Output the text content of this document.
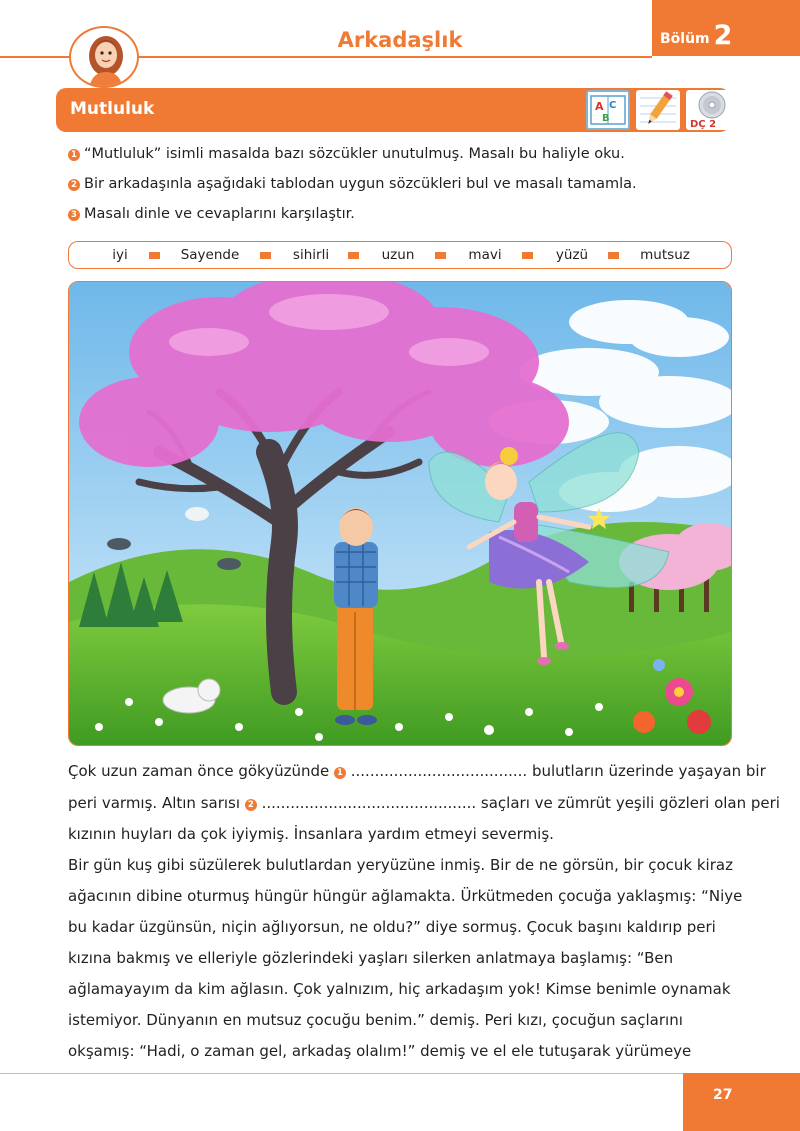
Arkadaşlık	Bölüm 2
Mutluluk	A C
B
DÇ 2
1 “Mutluluk” isimli masalda bazı sözcükler unutulmuş. Masalı bu haliyle oku.
2 Bir arkadaşınla aşağıdaki tablodan uygun sözcükleri bul ve masalı tamamla.
3 Masalı dinle ve cevaplarını karşılaştır.
iyi	Sayende	sihirli	uzun	mavi	yüzü	mutsuz
Çok uzun zaman önce gökyüzünde 1 ..................................... bulutların üzerinde yaşayan bir
peri varmış. Altın sarısı 2 ............................................. saçları ve zümrüt yeşili gözleri olan peri
kızının huyları da çok iyiymiş. İnsanlara yardım etmeyi severmiş.
Bir gün kuş gibi süzülerek bulutlardan yeryüzüne inmiş. Bir de ne görsün, bir çocuk kiraz
ağacının dibine oturmuş hüngür hüngür ağlamakta. Ürkütmeden çocuğa yaklaşmış: “Niye
bu kadar üzgünsün, niçin ağlıyorsun, ne oldu?” diye sormuş. Çocuk başını kaldırıp peri
kızına bakmış ve elleriyle gözlerindeki yaşları silerken anlatmaya başlamış: “Ben
ağlamayayım da kim ağlasın. Çok yalnızım, hiç arkadaşım yok! Kimse benimle oynamak
istemiyor. Dünyanın en mutsuz çocuğu benim.” demiş. Peri kızı, çocuğun saçlarını
okşamış: “Hadi, o zaman gel, arkadaş olalım!” demiş ve el ele tutuşarak yürümeye
27
